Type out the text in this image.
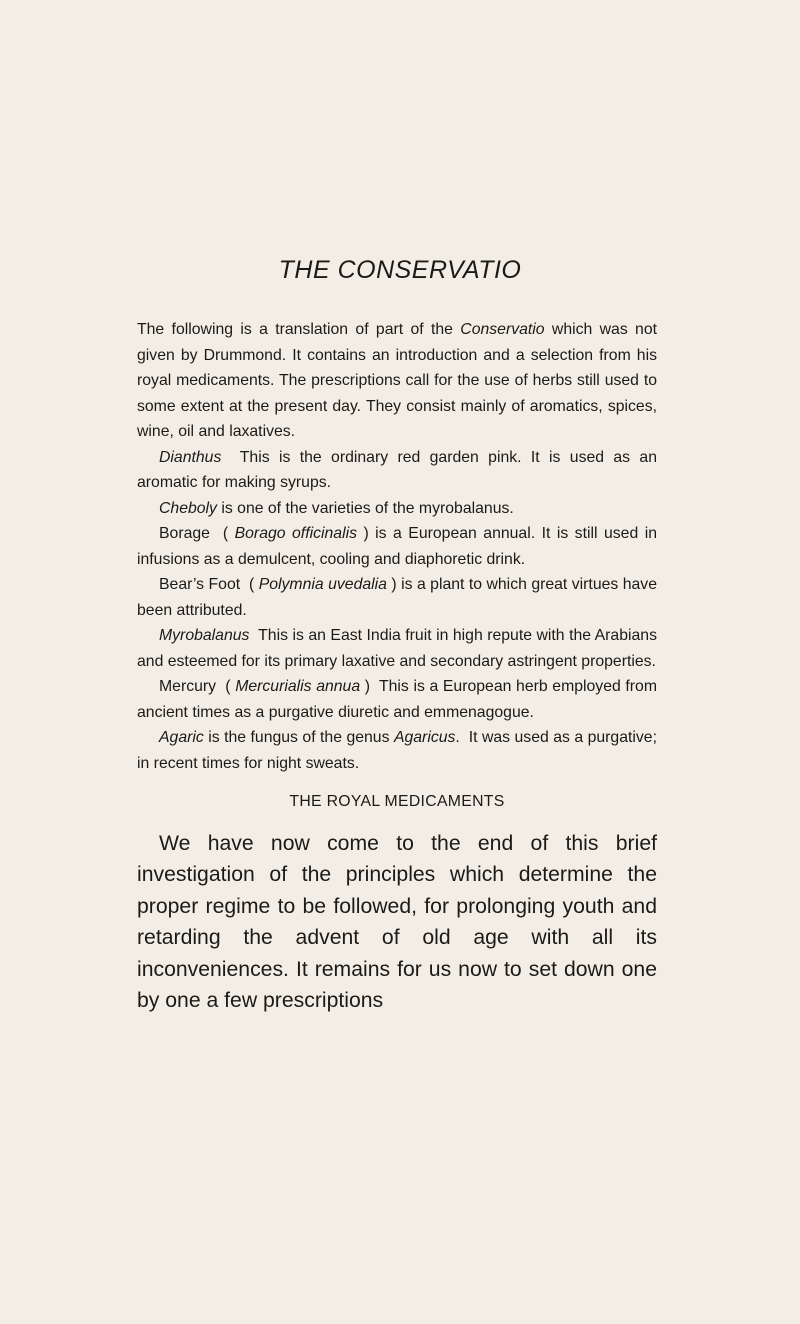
THE CONSERVATIO

The following is a translation of part of the Conservatio which was not given by Drummond. It contains an introduction and a selection from his royal medicaments. The prescriptions call for the use of herbs still used to some extent at the present day. They consist mainly of aromatics, spices, wine, oil and laxatives.

Dianthus  This is the ordinary red garden pink. It is used as an aromatic for making syrups.

Cheboly is one of the varieties of the myrobalanus.

Borage  ( Borago officinalis ) is a European annual. It is still used in infusions as a demulcent, cooling and diaphoretic drink.

Bear’s Foot  ( Polymnia uvedalia ) is a plant to which great virtues have been attributed.

Myrobalanus  This is an East India fruit in high repute with the Arabians and esteemed for its primary laxative and secondary astringent properties.

Mercury  ( Mercurialis annua )  This is a European herb employed from ancient times as a purgative diuretic and emmenagogue.

Agaric is the fungus of the genus Agaricus.  It was used as a purgative; in recent times for night sweats.

THE ROYAL MEDICAMENTS

We have now come to the end of this brief investigation of the principles which determine the proper regime to be followed, for prolonging youth and retarding the advent of old age with all its inconveniences. It remains for us now to set down one by one a few prescriptions
